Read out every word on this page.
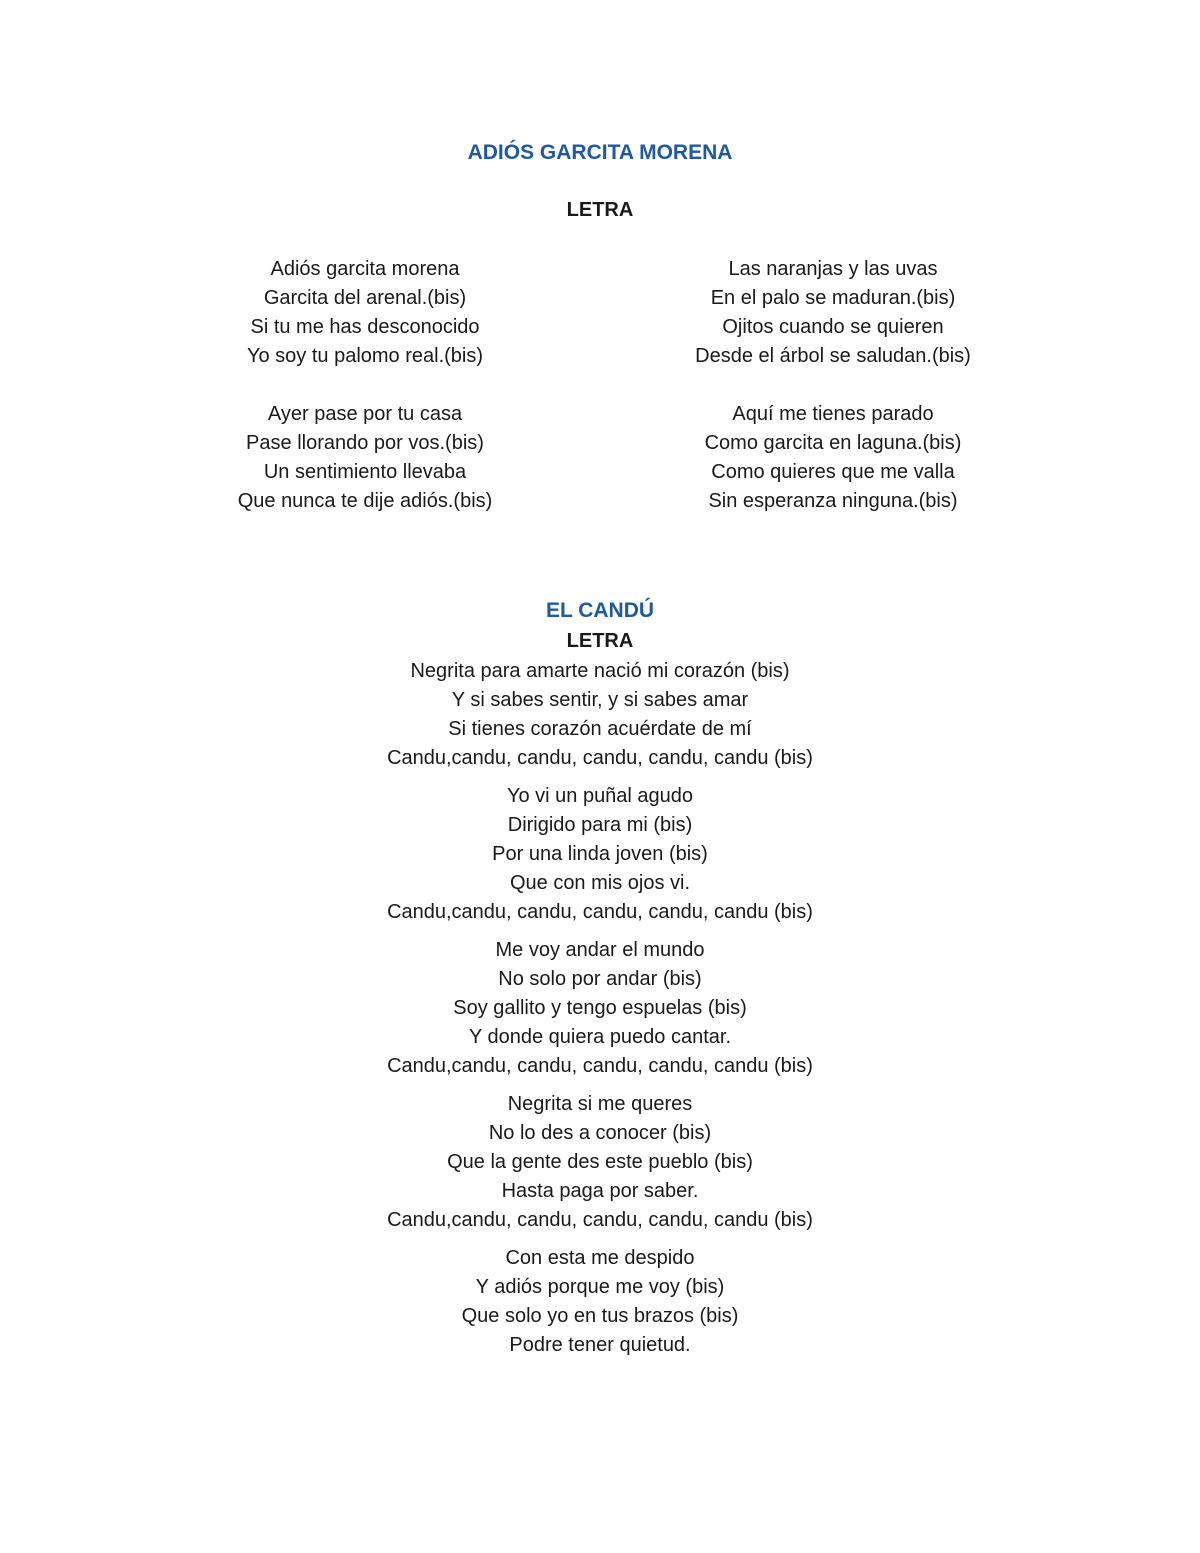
ADIÓS GARCITA MORENA
LETRA
Adiós garcita morena
Garcita del arenal.(bis)
Si tu me has desconocido
Yo soy tu palomo real.(bis)
Ayer pase por tu casa
Pase llorando por vos.(bis)
Un sentimiento llevaba
Que nunca te dije adiós.(bis)
Las naranjas y las uvas
En el palo se maduran.(bis)
Ojitos cuando se quieren
Desde el árbol se saludan.(bis)
Aquí me tienes parado
Como garcita en laguna.(bis)
Como quieres que me valla
Sin esperanza ninguna.(bis)
EL CANDÚ
LETRA
Negrita para amarte nació mi corazón (bis)
Y si sabes sentir, y si sabes amar
Si tienes corazón acuérdate de mí
Candu,candu, candu, candu, candu, candu (bis)
Yo vi un puñal agudo
Dirigido para mi (bis)
Por una linda joven (bis)
Que con mis ojos vi.
Candu,candu, candu, candu, candu, candu (bis)
Me voy andar el mundo
No solo por andar (bis)
Soy gallito y tengo espuelas (bis)
Y donde quiera puedo cantar.
Candu,candu, candu, candu, candu, candu (bis)
Negrita si me queres
No lo des a conocer (bis)
Que la gente des este pueblo (bis)
Hasta paga por saber.
Candu,candu, candu, candu, candu, candu (bis)
Con esta me despido
Y adiós porque me voy (bis)
Que solo yo en tus brazos (bis)
Podre tener quietud.
